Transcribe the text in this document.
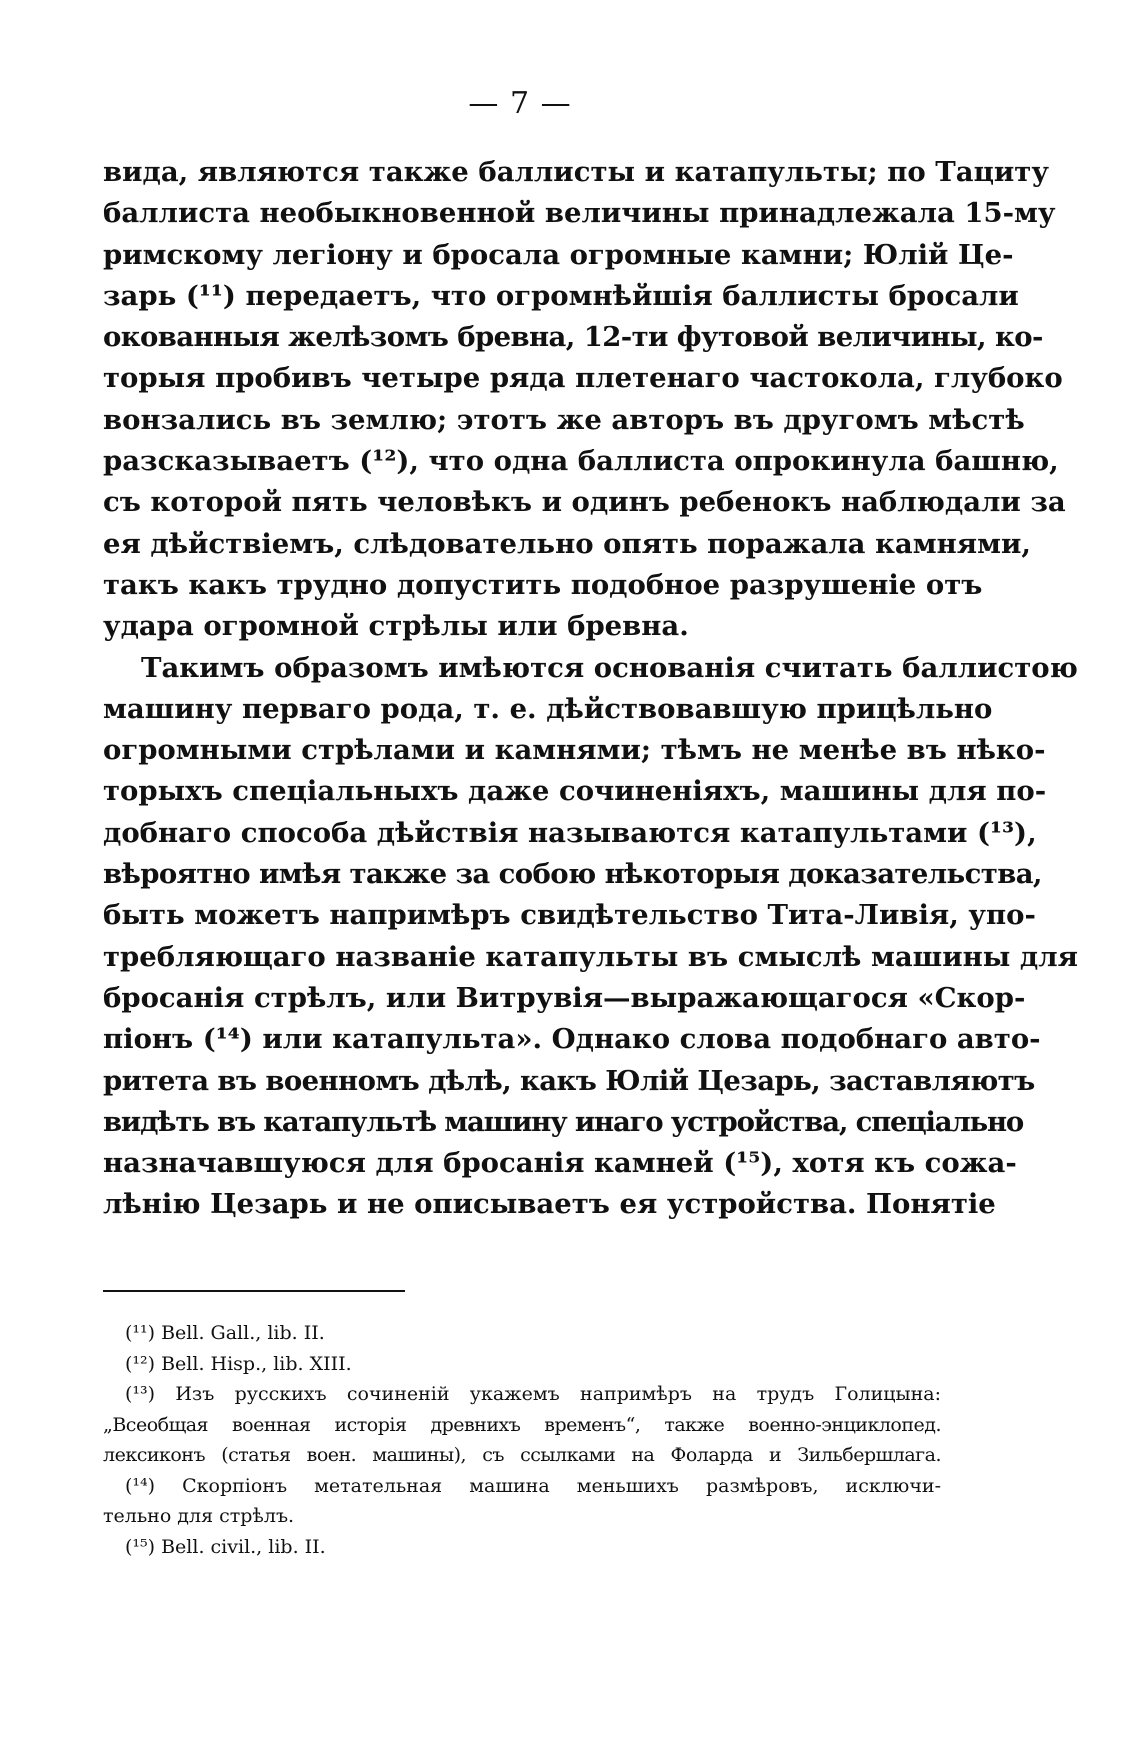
— 7 —
вида, являются также баллисты и катапульты; по Тациту
баллиста необыкновенной величины принадлежала 15-му
римскому легіону и бросала огромные камни; Юлій Це-
зарь (¹¹) передаетъ, что огромнѣйшія баллисты бросали
окованныя желѣзомъ бревна, 12-ти футовой величины, ко-
торыя пробивъ четыре ряда плетенаго частокола, глубоко
вонзались въ землю; этотъ же авторъ въ другомъ мѣстѣ
разсказываетъ (¹²), что одна баллиста опрокинула башню,
съ которой пять человѣкъ и одинъ ребенокъ наблюдали за
ея дѣйствіемъ, слѣдовательно опять поражала камнями,
такъ какъ трудно допустить подобное разрушеніе отъ
удара огромной стрѣлы или бревна.
Такимъ образомъ имѣются основанія считать баллистою
машину перваго рода, т. е. дѣйствовавшую прицѣльно
огромными стрѣлами и камнями; тѣмъ не менѣе въ нѣко-
торыхъ спеціальныхъ даже сочиненіяхъ, машины для по-
добнаго способа дѣйствія называются катапультами (¹³),
вѣроятно имѣя также за собою нѣкоторыя доказательства,
быть можетъ напримѣръ свидѣтельство Тита-Ливія, упо-
требляющаго названіе катапульты въ смыслѣ машины для
бросанія стрѣлъ, или Витрувія—выражающагося «Скор-
піонъ (¹⁴) или катапульта». Однако слова подобнаго авто-
ритета въ военномъ дѣлѣ, какъ Юлій Цезарь, заставляютъ
видѣть въ катапультѣ машину инаго устройства, спеціально
назначавшуюся для бросанія камней (¹⁵), хотя къ сожа-
лѣнію Цезарь и не описываетъ ея устройства. Понятіе
(¹¹) Bell. Gall., lib. II.
(¹²) Bell. Hisp., lib. XIII.
(¹³) Изъ русскихъ сочиненій укажемъ напримѣръ на трудъ Голицына:
„Всеобщая военная исторія древнихъ временъ“, также военно-энциклопед.
лексиконъ (статья воен. машины), съ ссылками на Фоларда и Зильбершлага.
(¹⁴) Скорпіонъ метательная машина меньшихъ размѣровъ, исключи-
тельно для стрѣлъ.
(¹⁵) Bell. civil., lib. II.
